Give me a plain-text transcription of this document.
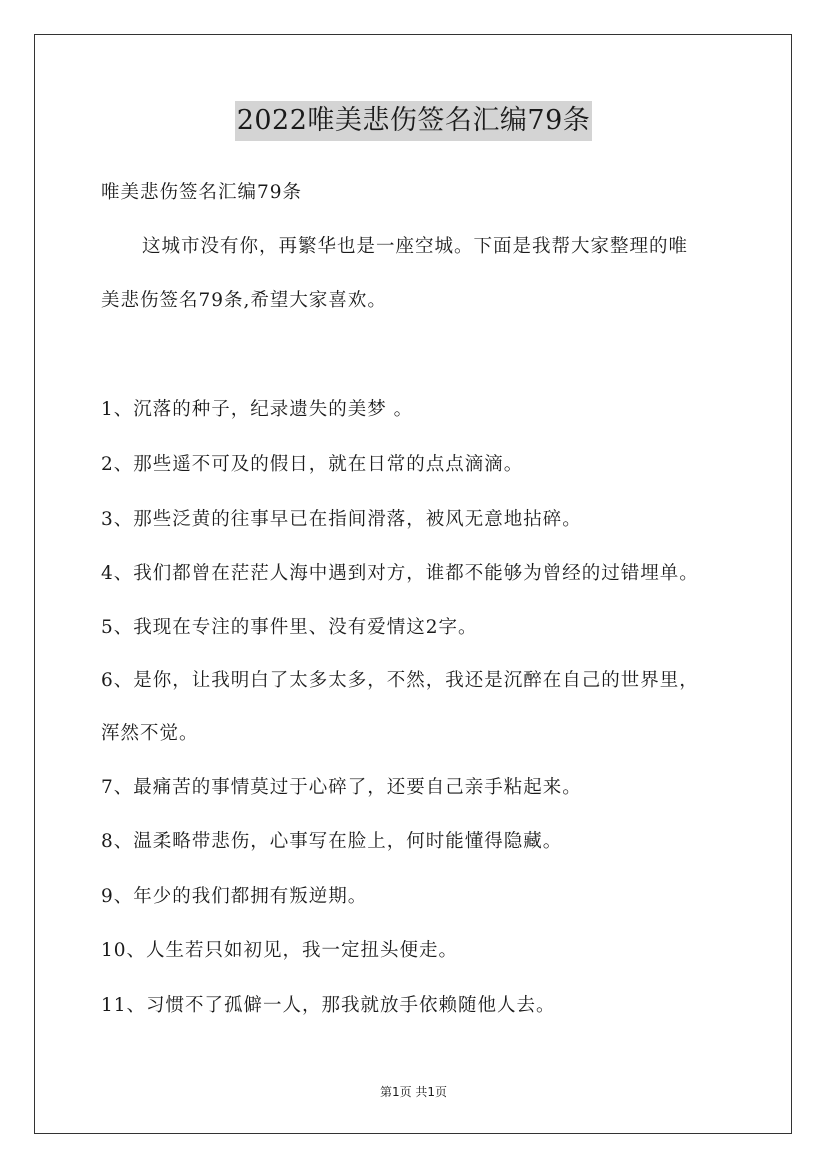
2022唯美悲伤签名汇编79条
唯美悲伤签名汇编79条
这城市没有你，再繁华也是一座空城。下面是我帮大家整理的唯
美悲伤签名79条,希望大家喜欢。
1、沉落的种子，纪录遗失的美梦 。
2、那些遥不可及的假日，就在日常的点点滴滴。
3、那些泛黄的往事早已在指间滑落，被风无意地拈碎。
4、我们都曾在茫茫人海中遇到对方，谁都不能够为曾经的过错埋单。
5、我现在专注的事件里、没有爱情这2字。
6、是你，让我明白了太多太多，不然，我还是沉醉在自己的世界里，
浑然不觉。
7、最痛苦的事情莫过于心碎了，还要自己亲手粘起来。
8、温柔略带悲伤，心事写在脸上，何时能懂得隐藏。
9、年少的我们都拥有叛逆期。
10、人生若只如初见，我一定扭头便走。
11、习惯不了孤僻一人，那我就放手依赖随他人去。
第1页 共1页
